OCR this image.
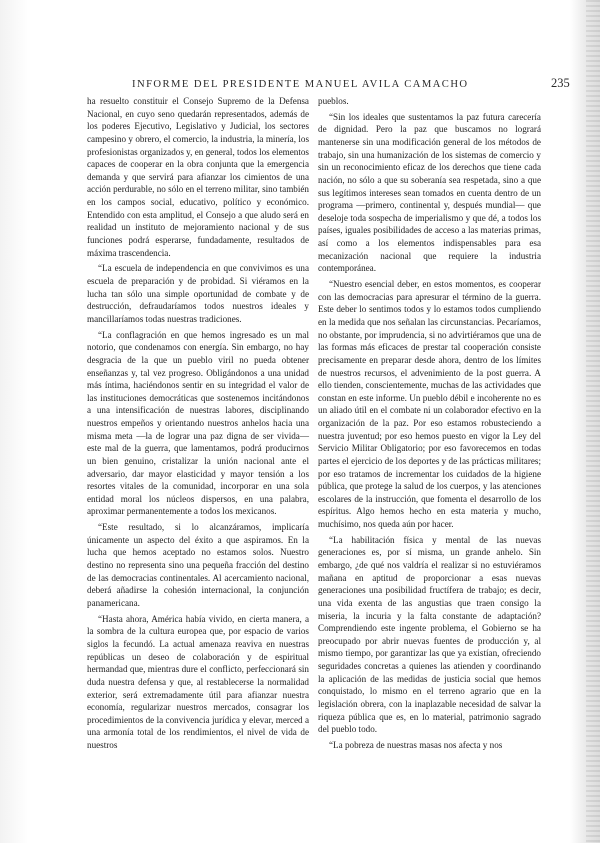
INFORME DEL PRESIDENTE MANUEL AVILA CAMACHO	235

ha resuelto constituir el Consejo Supremo de la Defensa Nacional, en cuyo seno quedarán representados, además de los poderes Ejecutivo, Legislativo y Judicial, los sectores campesino y obrero, el comercio, la industria, la minería, los profesionistas organizados y, en general, todos los elementos capaces de cooperar en la obra conjunta que la emergencia demanda y que servirá para afianzar los cimientos de una acción perdurable, no sólo en el terreno militar, sino también en los campos social, educativo, político y económico. Entendido con esta amplitud, el Consejo a que aludo será en realidad un instituto de mejoramiento nacional y de sus funciones podrá esperarse, fundadamente, resultados de máxima trascendencia.

“La escuela de independencia en que convivimos es una escuela de preparación y de probidad. Si viéramos en la lucha tan sólo una simple oportunidad de combate y de destrucción, defraudaríamos todos nuestros ideales y mancillaríamos todas nuestras tradiciones.

“La conflagración en que hemos ingresado es un mal notorio, que condenamos con energía. Sin embargo, no hay desgracia de la que un pueblo viril no pueda obtener enseñanzas y, tal vez progreso. Obligándonos a una unidad más íntima, haciéndonos sentir en su integridad el valor de las instituciones democráticas que sostenemos incitándonos a una intensificación de nuestras labores, disciplinando nuestros empeños y orientando nuestros anhelos hacia una misma meta —la de lograr una paz digna de ser vivida— este mal de la guerra, que lamentamos, podrá producirnos un bien genuino, cristalizar la unión nacional ante el adversario, dar mayor elasticidad y mayor tensión a los resortes vitales de la comunidad, incorporar en una sola entidad moral los núcleos dispersos, en una palabra, aproximar permanentemente a todos los mexicanos.

“Este resultado, si lo alcanzáramos, implicaría únicamente un aspecto del éxito a que aspiramos. En la lucha que hemos aceptado no estamos solos. Nuestro destino no representa sino una pequeña fracción del destino de las democracias continentales. Al acercamiento nacional, deberá añadirse la cohesión internacional, la conjunción panamericana.

“Hasta ahora, América había vivido, en cierta manera, a la sombra de la cultura europea que, por espacio de varios siglos la fecundó. La actual amenaza reaviva en nuestras repúblicas un deseo de colaboración y de espiritual hermandad que, mientras dure el conflicto, perfeccionará sin duda nuestra defensa y que, al restablecerse la normalidad exterior, será extremadamente útil para afianzar nuestra economía, regularizar nuestros mercados, consagrar los procedimientos de la convivencia jurídica y elevar, merced a una armonía total de los rendimientos, el nivel de vida de nuestros

pueblos.

“Sin los ideales que sustentamos la paz futura carecería de dignidad. Pero la paz que buscamos no logrará mantenerse sin una modificación general de los métodos de trabajo, sin una humanización de los sistemas de comercio y sin un reconocimiento eficaz de los derechos que tiene cada nación, no sólo a que su soberanía sea respetada, sino a que sus legítimos intereses sean tomados en cuenta dentro de un programa —primero, continental y, después mundial— que deseloje toda sospecha de imperialismo y que dé, a todos los países, iguales posibilidades de acceso a las materias primas, así como a los elementos indispensables para esa mecanización nacional que requiere la industria contemporánea.

“Nuestro esencial deber, en estos momentos, es cooperar con las democracias para apresurar el término de la guerra. Este deber lo sentimos todos y lo estamos todos cumpliendo en la medida que nos señalan las circunstancias. Pecaríamos, no obstante, por imprudencia, si no advirtiéramos que una de las formas más eficaces de prestar tal cooperación consiste precisamente en preparar desde ahora, dentro de los límites de nuestros recursos, el advenimiento de la post guerra. A ello tienden, conscientemente, muchas de las actividades que constan en este informe. Un pueblo débil e incoherente no es un aliado útil en el combate ni un colaborador efectivo en la organización de la paz. Por eso estamos robusteciendo a nuestra juventud; por eso hemos puesto en vigor la Ley del Servicio Militar Obligatorio; por eso favorecemos en todas partes el ejercicio de los deportes y de las prácticas militares; por eso tratamos de incrementar los cuidados de la higiene pública, que protege la salud de los cuerpos, y las atenciones escolares de la instrucción, que fomenta el desarrollo de los espíritus. Algo hemos hecho en esta materia y mucho, muchísimo, nos queda aún por hacer.

“La habilitación física y mental de las nuevas generaciones es, por sí misma, un grande anhelo. Sin embargo, ¿de qué nos valdría el realizar si no estuviéramos mañana en aptitud de proporcionar a esas nuevas generaciones una posibilidad fructífera de trabajo; es decir, una vida exenta de las angustias que traen consigo la miseria, la incuria y la falta constante de adaptación? Comprendiendo este ingente problema, el Gobierno se ha preocupado por abrir nuevas fuentes de producción y, al mismo tiempo, por garantizar las que ya existían, ofreciendo seguridades concretas a quienes las atienden y coordinando la aplicación de las medidas de justicia social que hemos conquistado, lo mismo en el terreno agrario que en la legislación obrera, con la inaplazable necesidad de salvar la riqueza pública que es, en lo material, patrimonio sagrado del pueblo todo.

“La pobreza de nuestras masas nos afecta y nos
